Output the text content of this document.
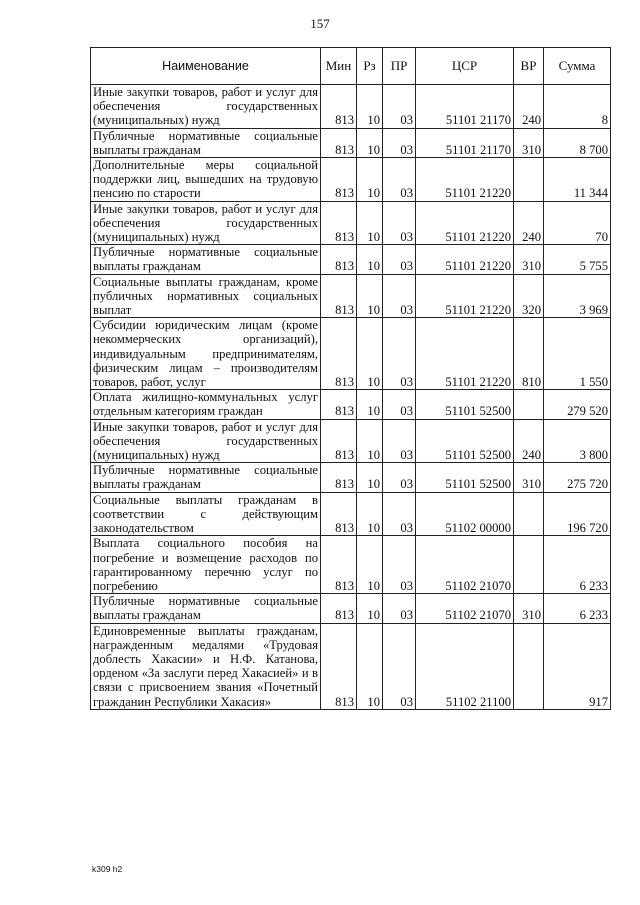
157
Наименование	Мин	Рз	ПР	ЦСР	ВР	Сумма
Иные закупки товаров, работ и услуг для обеспечения государственных (муниципальных) нужд	813	10	03	51101 21170	240	8
Публичные нормативные социальные выплаты гражданам	813	10	03	51101 21170	310	8 700
Дополнительные меры социальной поддержки лиц, вышедших на трудовую пенсию по старости	813	10	03	51101 21220		11 344
Иные закупки товаров, работ и услуг для обеспечения государственных (муниципальных) нужд	813	10	03	51101 21220	240	70
Публичные нормативные социальные выплаты гражданам	813	10	03	51101 21220	310	5 755
Социальные выплаты гражданам, кроме публичных нормативных социальных выплат	813	10	03	51101 21220	320	3 969
Субсидии юридическим лицам (кроме некоммерческих организаций), индивидуальным предпринимателям, физическим лицам – производителям товаров, работ, услуг	813	10	03	51101 21220	810	1 550
Оплата жилищно-коммунальных услуг отдельным категориям граждан	813	10	03	51101 52500		279 520
Иные закупки товаров, работ и услуг для обеспечения государственных (муниципальных) нужд	813	10	03	51101 52500	240	3 800
Публичные нормативные социальные выплаты гражданам	813	10	03	51101 52500	310	275 720
Социальные выплаты гражданам в соответствии с действующим законодательством	813	10	03	51102 00000		196 720
Выплата социального пособия на погребение и возмещение расходов по гарантированному перечню услуг по погребению	813	10	03	51102 21070		6 233
Публичные нормативные социальные выплаты гражданам	813	10	03	51102 21070	310	6 233
Единовременные выплаты гражданам, награжденным медалями «Трудовая доблесть Хакасии» и Н.Ф. Катанова, орденом «За заслуги перед Хакасией» и в связи с присвоением звания «Почетный гражданин Республики Хакасия»	813	10	03	51102 21100		917
k309 h2
